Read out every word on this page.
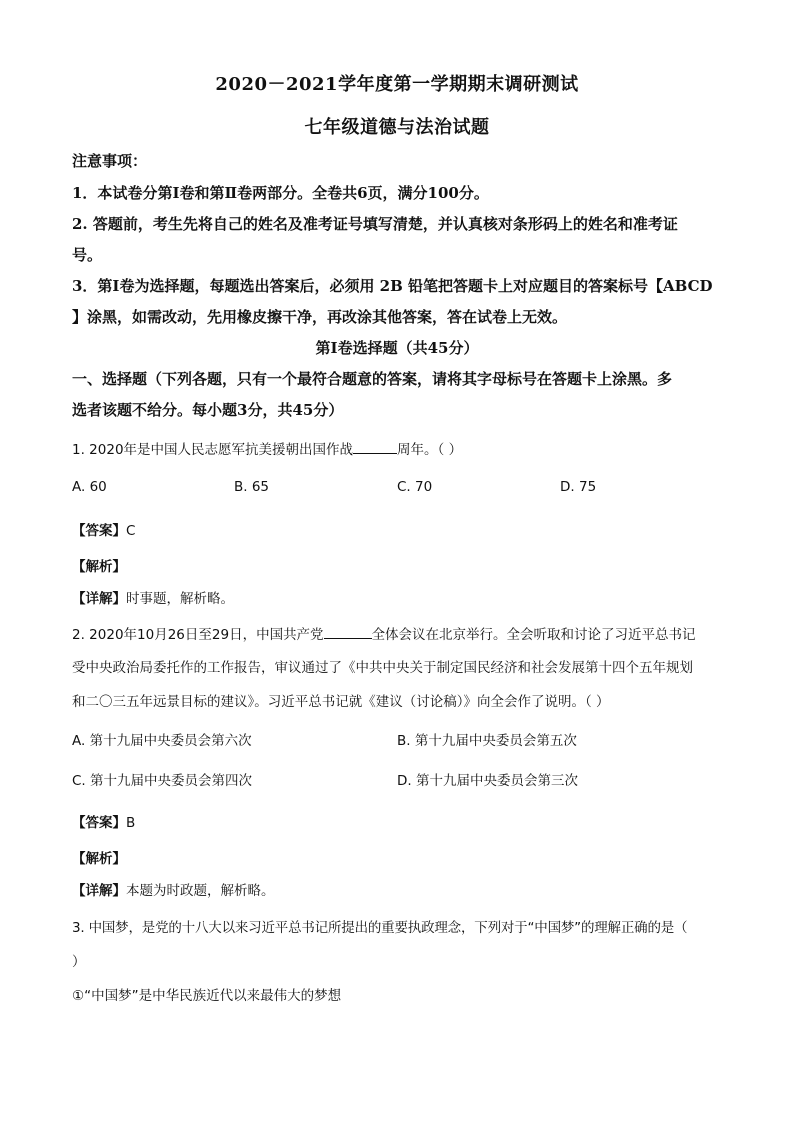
2020－2021学年度第一学期期末调研测试
七年级道德与法治试题
注意事项：
1．本试卷分第Ⅰ卷和第Ⅱ卷两部分。全卷共6页，满分100分。
2. 答题前，考生先将自己的姓名及准考证号填写清楚，并认真核对条形码上的姓名和准考证
号。
3．第Ⅰ卷为选择题，每题选出答案后，必须用 2B 铅笔把答题卡上对应题目的答案标号【ABCD
】涂黑，如需改动，先用橡皮擦干净，再改涂其他答案，答在试卷上无效。
第Ⅰ卷选择题（共45分）
一、选择题（下列各题，只有一个最符合题意的答案，请将其字母标号在答题卡上涂黑。多
选者该题不给分。每小题3分，共45分）
1. 2020年是中国人民志愿军抗美援朝出国作战	周年。（ ）
A. 60	B. 65	C. 70	D. 75
【答案】C
【解析】
【详解】时事题，解析略。
2. 2020年10月26日至29日，中国共产党	全体会议在北京举行。全会听取和讨论了习近平总书记
受中央政治局委托作的工作报告，审议通过了《中共中央关于制定国民经济和社会发展第十四个五年规划
和二〇三五年远景目标的建议》。习近平总书记就《建议（讨论稿）》向全会作了说明。（ ）
A. 第十九届中央委员会第六次	B. 第十九届中央委员会第五次
C. 第十九届中央委员会第四次	D. 第十九届中央委员会第三次
【答案】B
【解析】
【详解】本题为时政题，解析略。
3. 中国梦，是党的十八大以来习近平总书记所提出的重要执政理念，下列对于“中国梦”的理解正确的是（
）
①“中国梦”是中华民族近代以来最伟大的梦想
